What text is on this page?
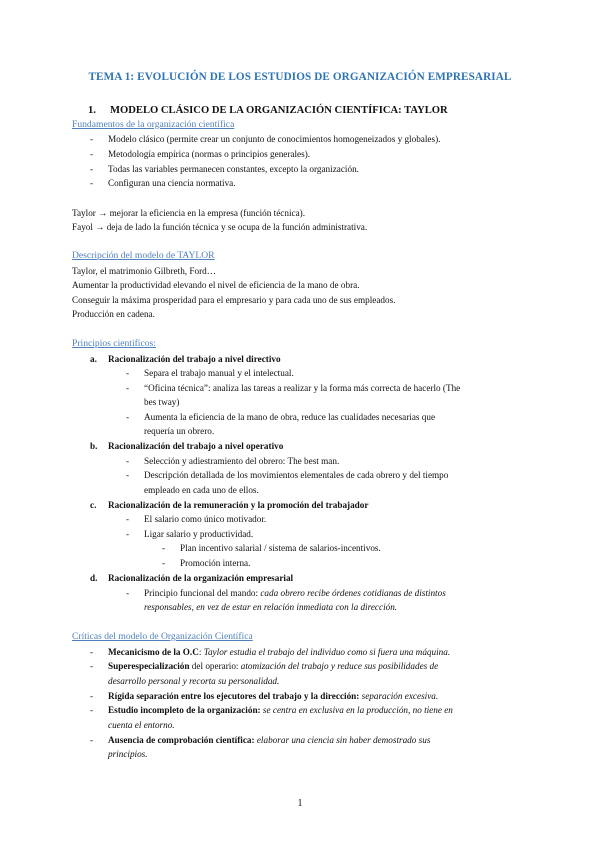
TEMA 1: EVOLUCIÓN DE LOS ESTUDIOS DE ORGANIZACIÓN EMPRESARIAL
1. MODELO CLÁSICO DE LA ORGANIZACIÓN CIENTÍFICA: TAYLOR
Fundamentos de la organización científica
- Modelo clásico (permite crear un conjunto de conocimientos homogeneizados y globales).
- Metodología empírica (normas o principios generales).
- Todas las variables permanecen constantes, excepto la organización.
- Configuran una ciencia normativa.
Taylor → mejorar la eficiencia en la empresa (función técnica).
Fayol → deja de lado la función técnica y se ocupa de la función administrativa.
Descripción del modelo de TAYLOR
Taylor, el matrimonio Gilbreth, Ford…
Aumentar la productividad elevando el nivel de eficiencia de la mano de obra.
Conseguir la máxima prosperidad para el empresario y para cada uno de sus empleados.
Producción en cadena.
Principios científicos:
a. Racionalización del trabajo a nivel directivo
- Separa el trabajo manual y el intelectual.
- “Oficina técnica”: analiza las tareas a realizar y la forma más correcta de hacerlo (The
bes tway)
- Aumenta la eficiencia de la mano de obra, reduce las cualidades necesarias que
requería un obrero.
b. Racionalización del trabajo a nivel operativo
- Selección y adiestramiento del obrero: The best man.
- Descripción detallada de los movimientos elementales de cada obrero y del tiempo
empleado en cada uno de ellos.
c. Racionalización de la remuneración y la promoción del trabajador
- El salario como único motivador.
- Ligar salario y productividad.
- Plan incentivo salarial / sistema de salarios-incentivos.
- Promoción interna.
d. Racionalización de la organización empresarial
- Principio funcional del mando: cada obrero recibe órdenes cotidianas de distintos
responsables, en vez de estar en relación inmediata con la dirección.
Críticas del modelo de Organización Científica
- Mecanicismo de la O.C: Taylor estudia el trabajo del individuo como si fuera una máquina.
- Superespecialización del operario: atomización del trabajo y reduce sus posibilidades de
desarrollo personal y recorta su personalidad.
- Rígida separación entre los ejecutores del trabajo y la dirección: separación excesiva.
- Estudio incompleto de la organización: se centra en exclusiva en la producción, no tiene en
cuenta el entorno.
- Ausencia de comprobación científica: elaborar una ciencia sin haber demostrado sus
principios.
1
